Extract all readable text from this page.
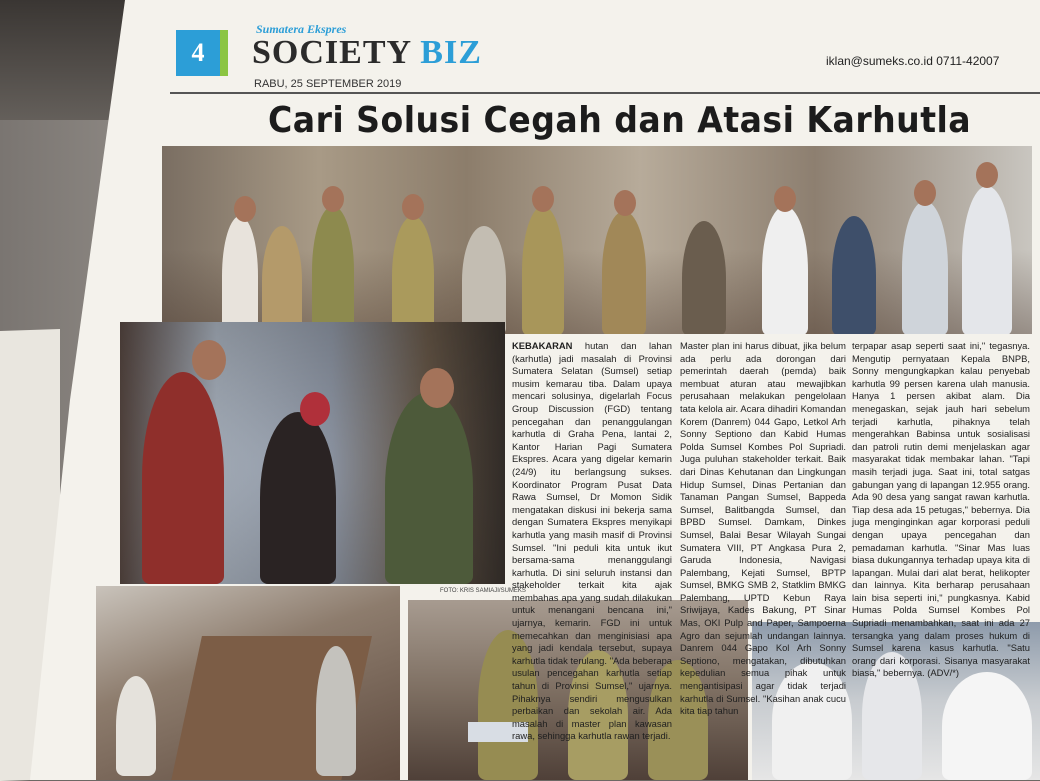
4
Sumatera Ekspres
SOCIETY BIZ
RABU, 25 SEPTEMBER 2019
iklan@sumeks.co.id 0711-42007
Cari Solusi Cegah dan Atasi Karhutla
FOTO: KRIS SAMIAJI/SUMEKS

KEBAKARAN hutan dan lahan (karhutla) jadi masalah di Provinsi Sumatera Selatan (Sumsel) setiap musim kemarau tiba. Dalam upaya mencari solusinya, digelarlah Focus Group Discussion (FGD) tentang pencegahan dan penanggulangan karhutla di Graha Pena, lantai 2, Kantor Harian Pagi Sumatera Ekspres. Acara yang digelar kemarin (24/9) itu berlangsung sukses. Koordinator Program Pusat Data Rawa Sumsel, Dr Momon Sidik mengatakan diskusi ini bekerja sama dengan Sumatera Ekspres menyikapi karhutla yang masih masif di Provinsi Sumsel. "Ini peduli kita untuk ikut bersama-sama menanggulangi karhutla. Di sini seluruh instansi dan stakeholder terkait kita ajak membahas apa yang sudah dilakukan untuk menangani bencana ini," ujarnya, kemarin. FGD ini untuk memecahkan dan menginisiasi apa yang jadi kendala tersebut, supaya karhutla tidak terulang. "Ada beberapa usulan pencegahan karhutla setiap tahun di Provinsi Sumsel," ujarnya. Pihaknya sendiri mengusulkan perbaikan dan sekolah air. Ada masalah di master plan kawasan rawa, sehingga karhutla rawan terjadi.

Master plan ini harus dibuat, jika belum ada perlu ada dorongan dari pemerintah daerah (pemda) baik membuat aturan atau mewajibkan perusahaan melakukan pengelolaan tata kelola air. Acara dihadiri Komandan Korem (Danrem) 044 Gapo, Letkol Arh Sonny Septiono dan Kabid Humas Polda Sumsel Kombes Pol Supriadi. Juga puluhan stakeholder terkait. Baik dari Dinas Kehutanan dan Lingkungan Hidup Sumsel, Dinas Pertanian dan Tanaman Pangan Sumsel, Bappeda Sumsel, Balitbangda Sumsel, dan BPBD Sumsel. Damkam, Dinkes Sumsel, Balai Besar Wilayah Sungai Sumatera VIII, PT Angkasa Pura 2, Garuda Indonesia, Navigasi Palembang, Kejati Sumsel, BPTP Sumsel, BMKG SMB 2, Statklim BMKG Palembang, UPTD Kebun Raya Sriwijaya, Kades Bakung, PT Sinar Mas, OKI Pulp and Paper, Sampoerna Agro dan sejumlah undangan lainnya. Danrem 044 Gapo Kol Arh Sonny Septiono, mengatakan, dibutuhkan kepedulian semua pihak untuk mengantisipasi agar tidak terjadi karhutla di Sumsel. "Kasihan anak cucu kita tiap tahun

terpapar asap seperti saat ini," tegasnya. Mengutip pernyataan Kepala BNPB, Sonny mengungkapkan kalau penyebab karhutla 99 persen karena ulah manusia. Hanya 1 persen akibat alam. Dia menegaskan, sejak jauh hari sebelum terjadi karhutla, pihaknya telah mengerahkan Babinsa untuk sosialisasi dan patroli rutin demi menjelaskan agar masyarakat tidak membakar lahan. "Tapi masih terjadi juga. Saat ini, total satgas gabungan yang di lapangan 12.955 orang. Ada 90 desa yang sangat rawan karhutla. Tiap desa ada 15 petugas," bebernya. Dia juga menginginkan agar korporasi peduli dengan upaya pencegahan dan pemadaman karhutla. "Sinar Mas luas biasa dukungannya terhadap upaya kita di lapangan. Mulai dari alat berat, helikopter dan lainnya. Kita berharap perusahaan lain bisa seperti ini," pungkasnya. Kabid Humas Polda Sumsel Kombes Pol Supriadi menambahkan, saat ini ada 27 tersangka yang dalam proses hukum di Sumsel karena kasus karhutla. "Satu orang dari korporasi. Sisanya masyarakat biasa," bebernya. (ADV/*)
